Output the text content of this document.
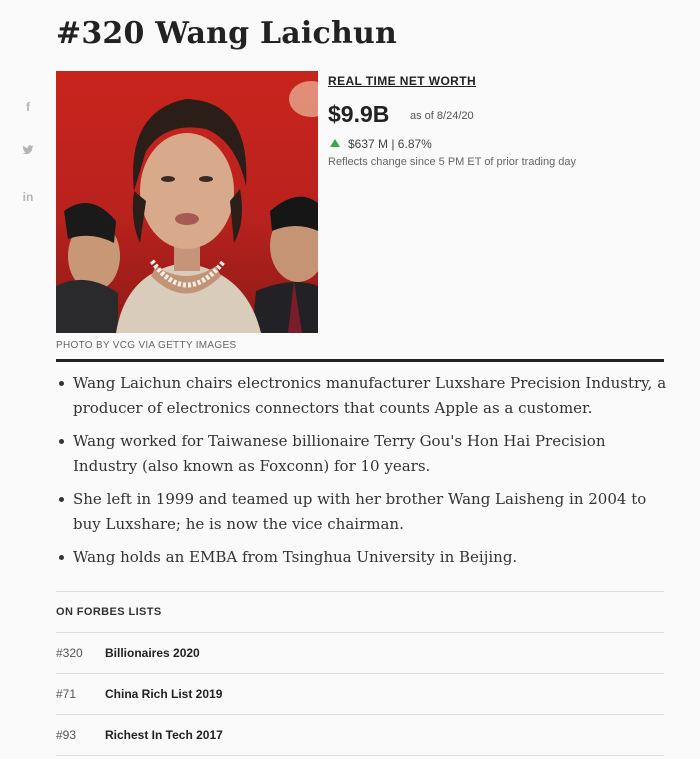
#320 Wang Laichun
f
in
PHOTO BY VCG VIA GETTY IMAGES
REAL TIME NET WORTH
$9.9B as of 8/24/20
$637 M | 6.87%
Reflects change since 5 PM ET of prior trading day
Wang Laichun chairs electronics manufacturer Luxshare Precision Industry, a producer of electronics connectors that counts Apple as a customer.
Wang worked for Taiwanese billionaire Terry Gou's Hon Hai Precision Industry (also known as Foxconn) for 10 years.
She left in 1999 and teamed up with her brother Wang Laisheng in 2004 to buy Luxshare; he is now the vice chairman.
Wang holds an EMBA from Tsinghua University in Beijing.
ON FORBES LISTS
#320 Billionaires 2020
#71 China Rich List 2019
#93 Richest In Tech 2017
